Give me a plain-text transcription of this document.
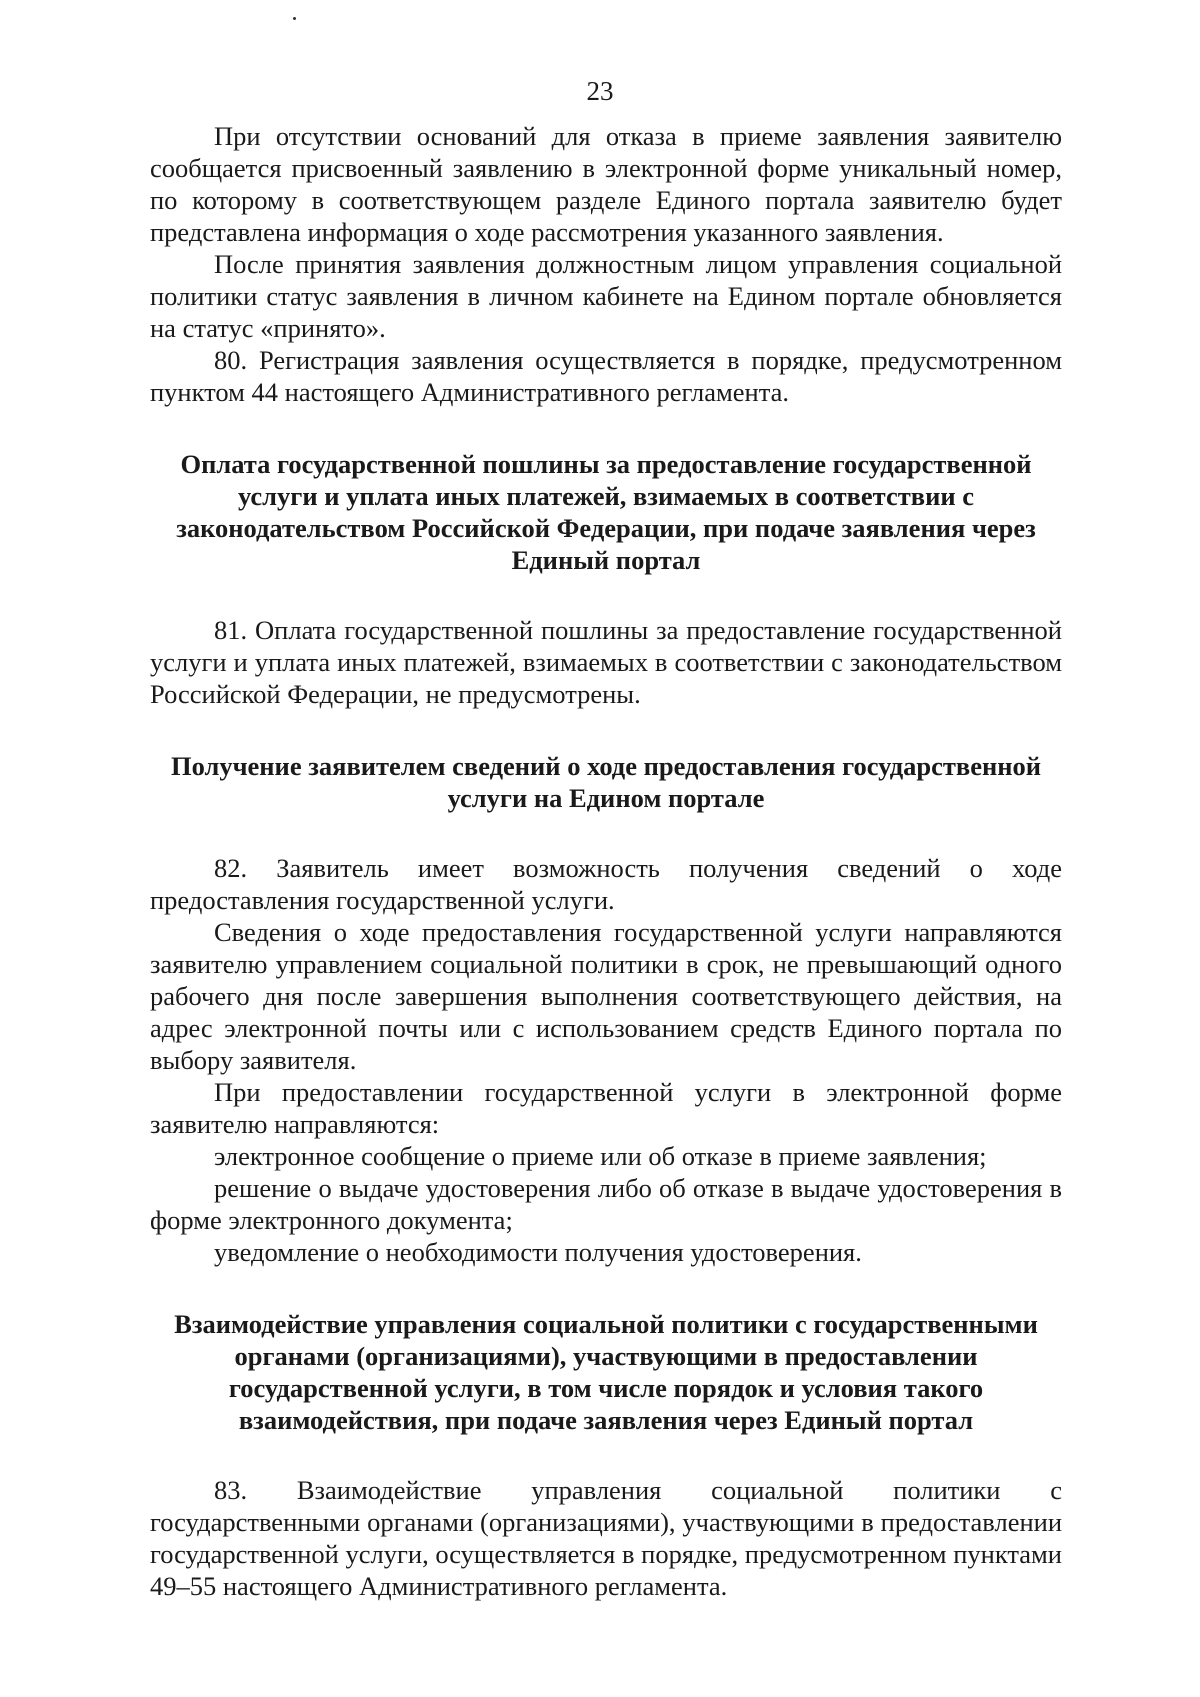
23

При отсутствии оснований для отказа в приеме заявления заявителю сообщается присвоенный заявлению в электронной форме уникальный номер, по которому в соответствующем разделе Единого портала заявителю будет представлена информация о ходе рассмотрения указанного заявления.

После принятия заявления должностным лицом управления социальной политики статус заявления в личном кабинете на Едином портале обновляется на статус «принято».

80. Регистрация заявления осуществляется в порядке, предусмотренном пунктом 44 настоящего Административного регламента.

Оплата государственной пошлины за предоставление государственной услуги и уплата иных платежей, взимаемых в соответствии с законодательством Российской Федерации, при подаче заявления через Единый портал

81. Оплата государственной пошлины за предоставление государственной услуги и уплата иных платежей, взимаемых в соответствии с законодательством Российской Федерации, не предусмотрены.

Получение заявителем сведений о ходе предоставления государственной услуги на Едином портале

82. Заявитель имеет возможность получения сведений о ходе предоставления государственной услуги.

Сведения о ходе предоставления государственной услуги направляются заявителю управлением социальной политики в срок, не превышающий одного рабочего дня после завершения выполнения соответствующего действия, на адрес электронной почты или с использованием средств Единого портала по выбору заявителя.

При предоставлении государственной услуги в электронной форме заявителю направляются:

электронное сообщение о приеме или об отказе в приеме заявления;

решение о выдаче удостоверения либо об отказе в выдаче удостоверения в форме электронного документа;

уведомление о необходимости получения удостоверения.

Взаимодействие управления социальной политики с государственными органами (организациями), участвующими в предоставлении государственной услуги, в том числе порядок и условия такого взаимодействия, при подаче заявления через Единый портал

83. Взаимодействие управления социальной политики с государственными органами (организациями), участвующими в предоставлении государственной услуги, осуществляется в порядке, предусмотренном пунктами 49–55 настоящего Административного регламента.
